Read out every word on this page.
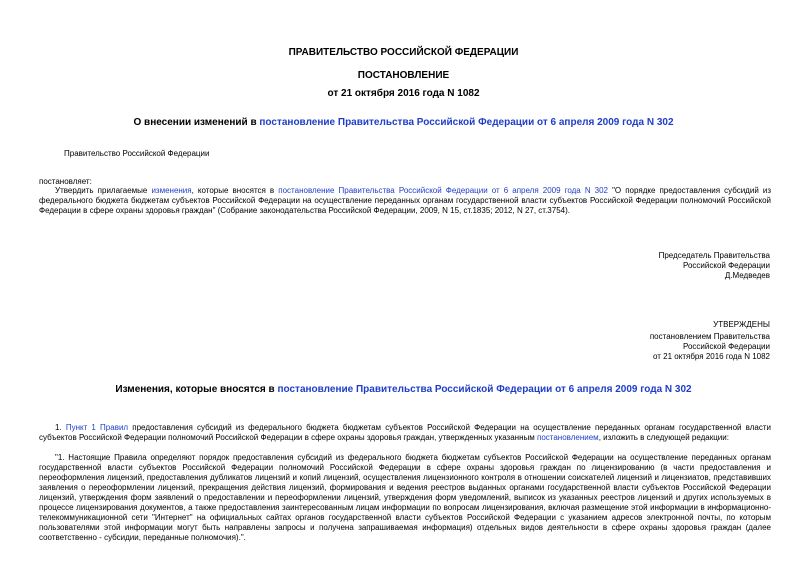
ПРАВИТЕЛЬСТВО РОССИЙСКОЙ ФЕДЕРАЦИИ
ПОСТАНОВЛЕНИЕ
от 21 октября 2016 года N 1082
О внесении изменений в постановление Правительства Российской Федерации от 6 апреля 2009 года N 302
Правительство Российской Федерации
постановляет:
Утвердить прилагаемые изменения, которые вносятся в постановление Правительства Российской Федерации от 6 апреля 2009 года N 302 "О порядке предоставления субсидий из федерального бюджета бюджетам субъектов Российской Федерации на осуществление переданных органам государственной власти субъектов Российской Федерации полномочий Российской Федерации в сфере охраны здоровья граждан" (Собрание законодательства Российской Федерации, 2009, N 15, ст.1835; 2012, N 27, ст.3754).
Председатель Правительства
Российской Федерации
Д.Медведев
УТВЕРЖДЕНЫ
постановлением Правительства
Российской Федерации
от 21 октября 2016 года N 1082
Изменения, которые вносятся в постановление Правительства Российской Федерации от 6 апреля 2009 года N 302
1. Пункт 1 Правил предоставления субсидий из федерального бюджета бюджетам субъектов Российской Федерации на осуществление переданных органам государственной власти субъектов Российской Федерации полномочий Российской Федерации в сфере охраны здоровья граждан, утвержденных указанным постановлением, изложить в следующей редакции:
"1. Настоящие Правила определяют порядок предоставления субсидий из федерального бюджета бюджетам субъектов Российской Федерации на осуществление переданных органам государственной власти субъектов Российской Федерации полномочий Российской Федерации в сфере охраны здоровья граждан по лицензированию (в части предоставления и переоформления лицензий, предоставления дубликатов лицензий и копий лицензий, осуществления лицензионного контроля в отношении соискателей лицензий и лицензиатов, представивших заявления о переоформлении лицензий, прекращения действия лицензий, формирования и ведения реестров выданных органами государственной власти субъектов Российской Федерации лицензий, утверждения форм заявлений о предоставлении и переоформлении лицензий, утверждения форм уведомлений, выписок из указанных реестров лицензий и других используемых в процессе лицензирования документов, а также предоставления заинтересованным лицам информации по вопросам лицензирования, включая размещение этой информации в информационно-телекоммуникационной сети "Интернет" на официальных сайтах органов государственной власти субъектов Российской Федерации с указанием адресов электронной почты, по которым пользователями этой информации могут быть направлены запросы и получена запрашиваемая информация) отдельных видов деятельности в сфере охраны здоровья граждан (далее соответственно - субсидии, переданные полномочия).".
